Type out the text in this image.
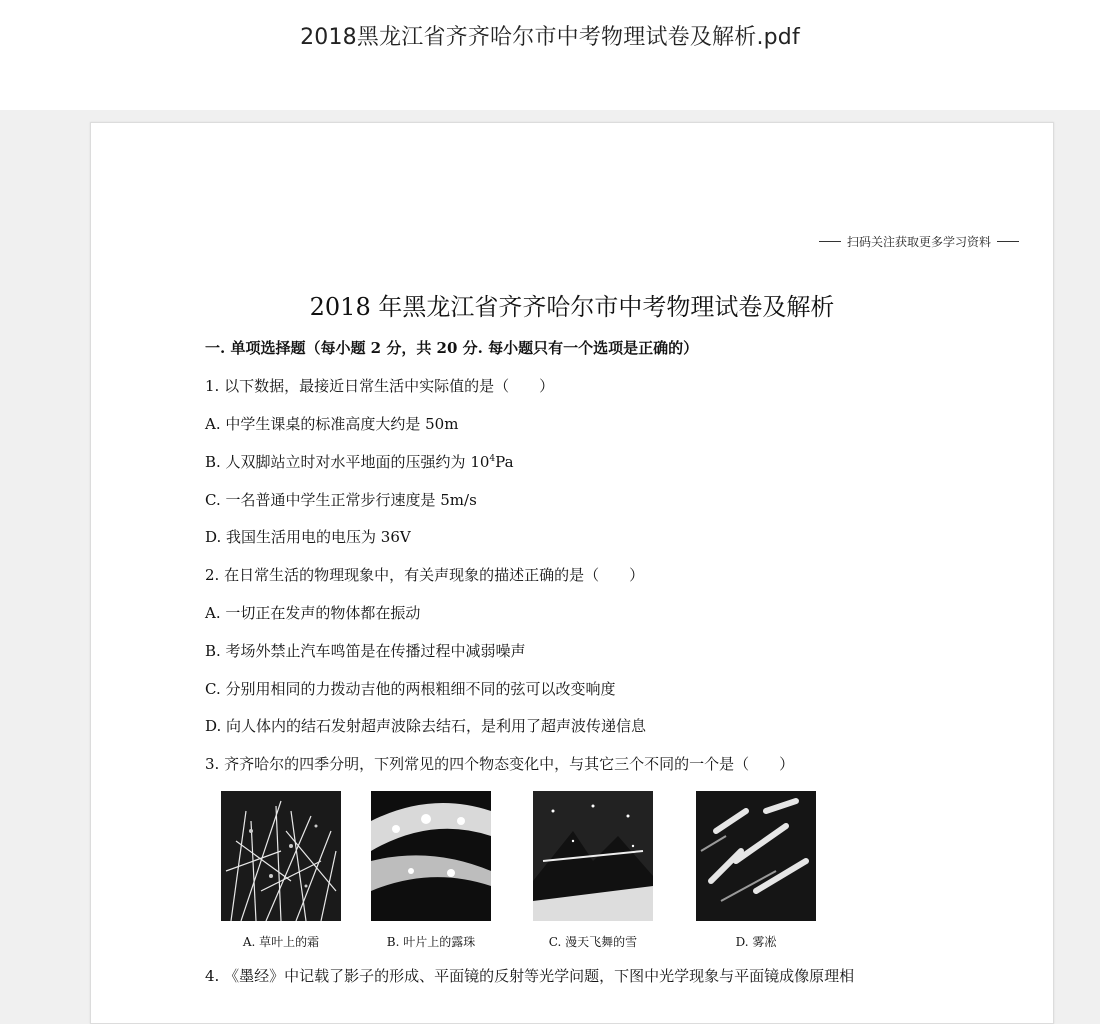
2018黑龙江省齐齐哈尔市中考物理试卷及解析.pdf
扫码关注获取更多学习资料
2018 年黑龙江省齐齐哈尔市中考物理试卷及解析
一. 单项选择题（每小题 2 分，共 20 分. 每小题只有一个选项是正确的）
1. 以下数据，最接近日常生活中实际值的是（　　）
A. 中学生课桌的标准高度大约是 50m
B. 人双脚站立时对水平地面的压强约为 $10^4Pa$
C. 一名普通中学生正常步行速度是 5m/s
D. 我国生活用电的电压为 36V
2. 在日常生活的物理现象中，有关声现象的描述正确的是（　　）
A. 一切正在发声的物体都在振动
B. 考场外禁止汽车鸣笛是在传播过程中减弱噪声
C. 分别用相同的力拨动吉他的两根粗细不同的弦可以改变响度
D. 向人体内的结石发射超声波除去结石，是利用了超声波传递信息
3. 齐齐哈尔的四季分明，下列常见的四个物态变化中，与其它三个不同的一个是（　　）
A. 草叶上的霜	B. 叶片上的露珠	C. 漫天飞舞的雪	D. 雾凇
4. 《墨经》中记载了影子的形成、平面镜的反射等光学问题，下图中光学现象与平面镜成像原理相
